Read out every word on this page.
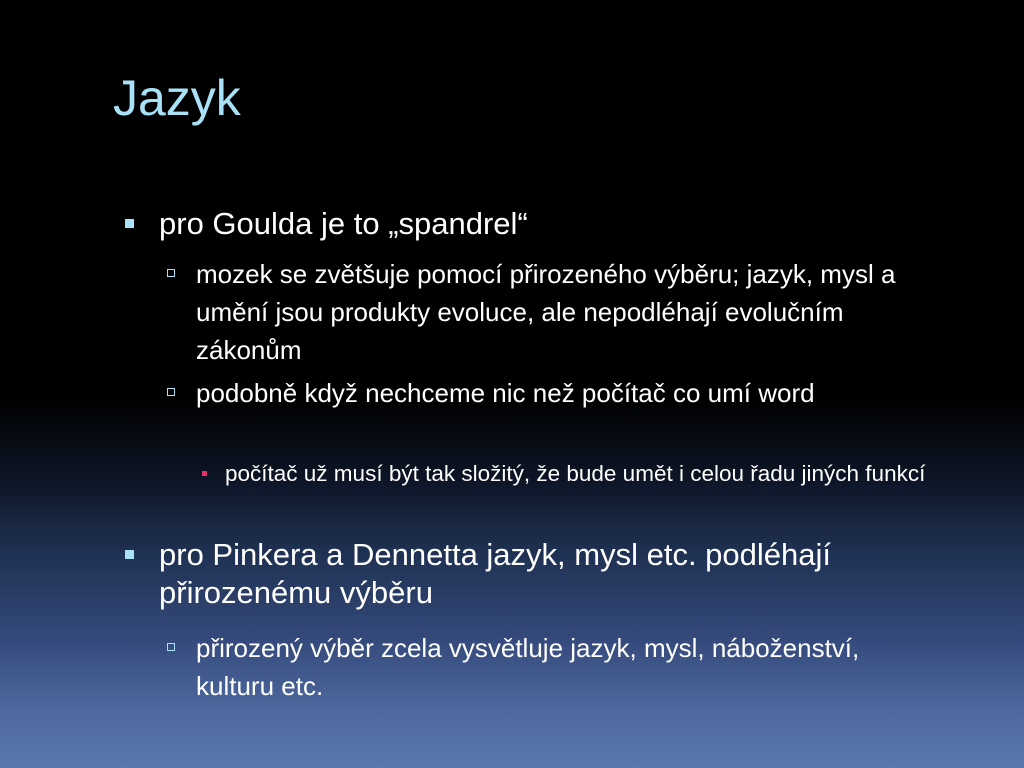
Jazyk
pro Goulda je to „spandrel“
mozek se zvětšuje pomocí přirozeného výběru; jazyk, mysl a umění jsou produkty evoluce, ale nepodléhají evolučním zákonům
podobně když nechceme nic než počítač co umí word
počítač už musí být tak složitý, že bude umět i celou řadu jiných funkcí
pro Pinkera a Dennetta jazyk, mysl etc. podléhají přirozenému výběru
přirozený výběr zcela vysvětluje jazyk, mysl, náboženství, kulturu etc.
